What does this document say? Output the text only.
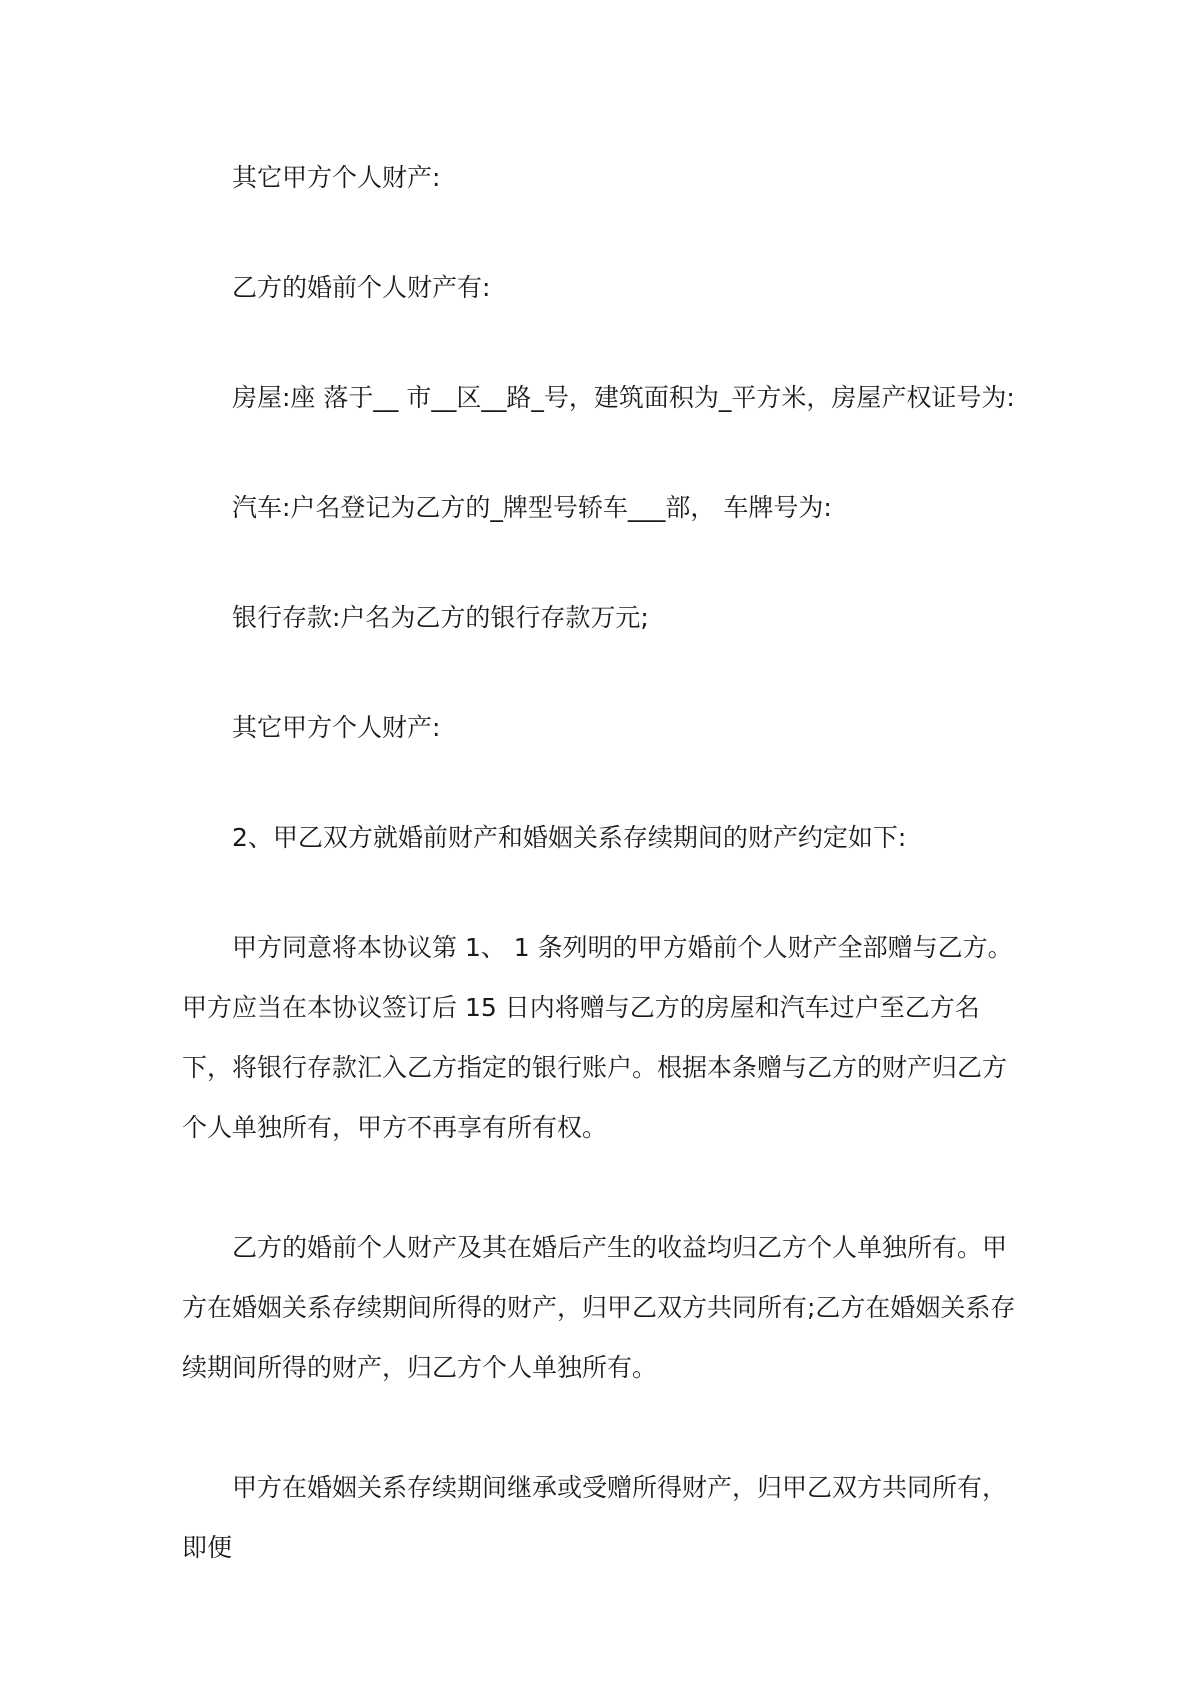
其它甲方个人财产:

乙方的婚前个人财产有:

房屋:座 落于__ 市__区__路_号，建筑面积为_平方米，房屋产权证号为:

汽车:户名登记为乙方的_牌型号轿车___部， 车牌号为:

银行存款:户名为乙方的银行存款万元;

其它甲方个人财产:

2、甲乙双方就婚前财产和婚姻关系存续期间的财产约定如下:

甲方同意将本协议第 1、 1 条列明的甲方婚前个人财产全部赠与乙方。甲方应当在本协议签订后 15 日内将赠与乙方的房屋和汽车过户至乙方名下，将银行存款汇入乙方指定的银行账户。根据本条赠与乙方的财产归乙方个人单独所有，甲方不再享有所有权。

乙方的婚前个人财产及其在婚后产生的收益均归乙方个人单独所有。甲方在婚姻关系存续期间所得的财产，归甲乙双方共同所有;乙方在婚姻关系存续期间所得的财产，归乙方个人单独所有。

甲方在婚姻关系存续期间继承或受赠所得财产，归甲乙双方共同所有，即便
